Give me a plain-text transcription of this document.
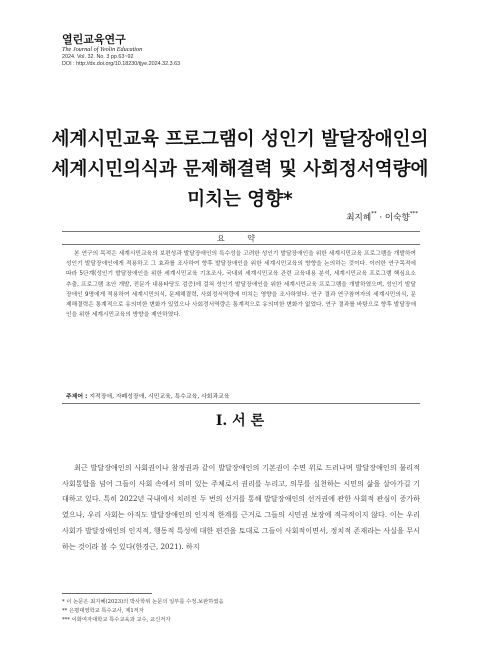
열린교육연구
The Journal of Yeolin Education
2024. Vol. 32. No. 3 pp.63~92
DOI : http://dx.doi.org/10.18230/tjye.2024.32.3.63
세계시민교육 프로그램이 성인기 발달장애인의
세계시민의식과 문제해결력 및 사회정서역량에
미치는 영향*
최지혜** · 이숙향***
요 약

본 연구의 목적은 세계시민교육의 보편성과 발달장애인의 특수성을 고려한 성인기 발달장애인을 위한 세계시민교육 프로그램을 개발하여 성인기 발달장애인에게 적용하고 그 효과를 조사하여 향후 발달장애인을 위한 세계시민교육의 방향을 논의하는 것이다. 이러한 연구목적에 따라 5단계(성인기 발달장애인을 위한 세계시민교육 기초조사, 국내외 세계시민교육 관련 교육내용 분석, 세계시민교육 프로그램 핵심요소 추출, 프로그램 초안 개발, 전문가 내용타당도 검증)에 걸쳐 성인기 발달장애인을 위한 세계시민교육 프로그램을 개발하였으며, 성인기 발달장애인 9명에게 적용하여 세계시민의식, 문제해결력, 사회정서역량에 미치는 영향을 조사하였다. 연구 결과 연구참여자의 세계시민의식, 문제해결력은 통계적으로 유의미한 변화가 있었으나 사회정서역량은 통계적으로 유의미한 변화가 없었다. 연구 결과를 바탕으로 향후 발달장애인을 위한 세계시민교육의 방향을 제안하였다.

주제어 : 지적장애, 자폐성장애, 시민교육, 특수교육, 사회과교육
Ⅰ. 서 론

최근 발달장애인의 사회권이나 참정권과 같이 발달장애인의 기본권이 수면 위로 드러나며 발달장애인의 물리적 사회통합을 넘어 그들이 사회 속에서 의미 있는 주체로서 권리를 누리고, 의무를 실천하는 시민의 삶을 살아가길 기대하고 있다. 특히 2022년 국내에서 치러진 두 번의 선거를 통해 발달장애인의 선거권에 관한 사회적 관심이 증가하였으나, 우리 사회는 아직도 발달장애인의 인지적 한계를 근거로 그들의 시민권 보장에 적극적이지 않다. 이는 우리 사회가 발달장애인의 인지적, 행동적 특성에 대한 편견을 토대로 그들이 사회적이면서, 정치적 존재라는 사실을 무시하는 것이라 볼 수 있다(한경근, 2021). 하지

* 이 논문은 최지혜(2023)의 박사학위 논문의 일부를 수정.보완하였음
** 은평대영학교 특수교사, 제1저자
*** 이화여자대학교 특수교육과 교수, 교신저자
